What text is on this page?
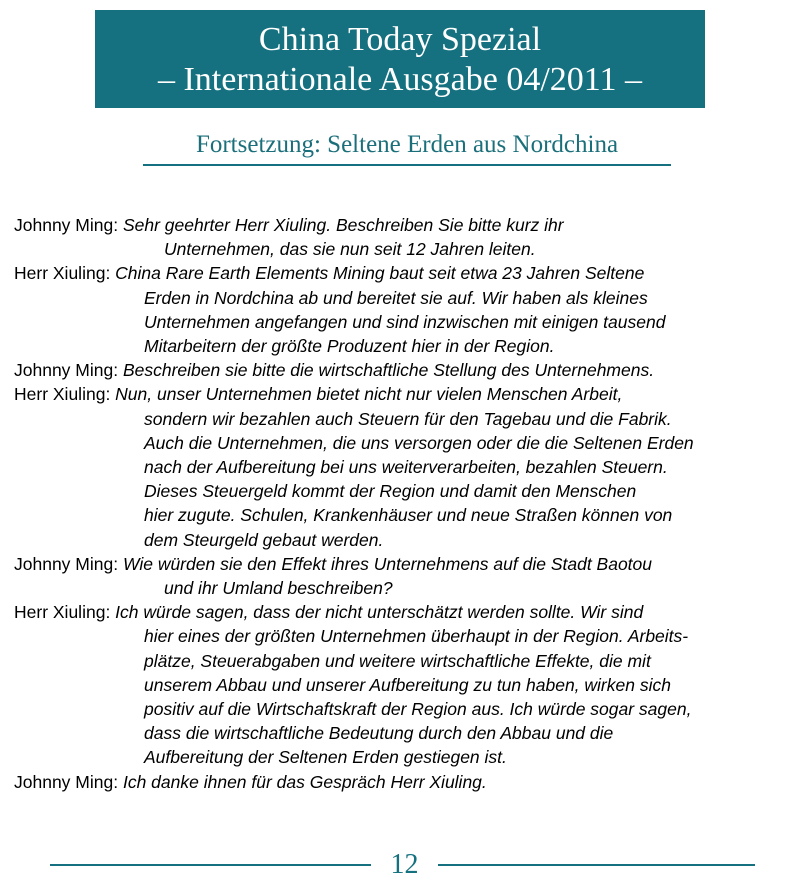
China Today Spezial
– Internationale Ausgabe 04/2011 –
Fortsetzung: Seltene Erden aus Nordchina
Johnny Ming: Sehr geehrter Herr Xiuling. Beschreiben Sie bitte kurz ihr
Unternehmen, das sie nun seit 12 Jahren leiten.
Herr Xiuling: China Rare Earth Elements Mining baut seit etwa 23 Jahren Seltene
Erden in Nordchina ab und bereitet sie auf. Wir haben als kleines
Unternehmen angefangen und sind inzwischen mit einigen tausend
Mitarbeitern der größte Produzent hier in der Region.
Johnny Ming: Beschreiben sie bitte die wirtschaftliche Stellung des Unternehmens.
Herr Xiuling: Nun, unser Unternehmen bietet nicht nur vielen Menschen Arbeit,
sondern wir bezahlen auch Steuern für den Tagebau und die Fabrik.
Auch die Unternehmen, die uns versorgen oder die die Seltenen Erden
nach der Aufbereitung bei uns weiterverarbeiten, bezahlen Steuern.
Dieses Steuergeld kommt der Region und damit den Menschen
hier zugute. Schulen, Krankenhäuser und neue Straßen können von
dem Steurgeld gebaut werden.
Johnny Ming: Wie würden sie den Effekt ihres Unternehmens auf die Stadt Baotou
und ihr Umland beschreiben?
Herr Xiuling: Ich würde sagen, dass der nicht unterschätzt werden sollte. Wir sind
hier eines der größten Unternehmen überhaupt in der Region. Arbeits-
plätze, Steuerabgaben und weitere wirtschaftliche Effekte, die mit
unserem Abbau und unserer Aufbereitung zu tun haben, wirken sich
positiv auf die Wirtschaftskraft der Region aus. Ich würde sogar sagen,
dass die wirtschaftliche Bedeutung durch den Abbau und die
Aufbereitung der Seltenen Erden gestiegen ist.
Johnny Ming: Ich danke ihnen für das Gespräch Herr Xiuling.
12
